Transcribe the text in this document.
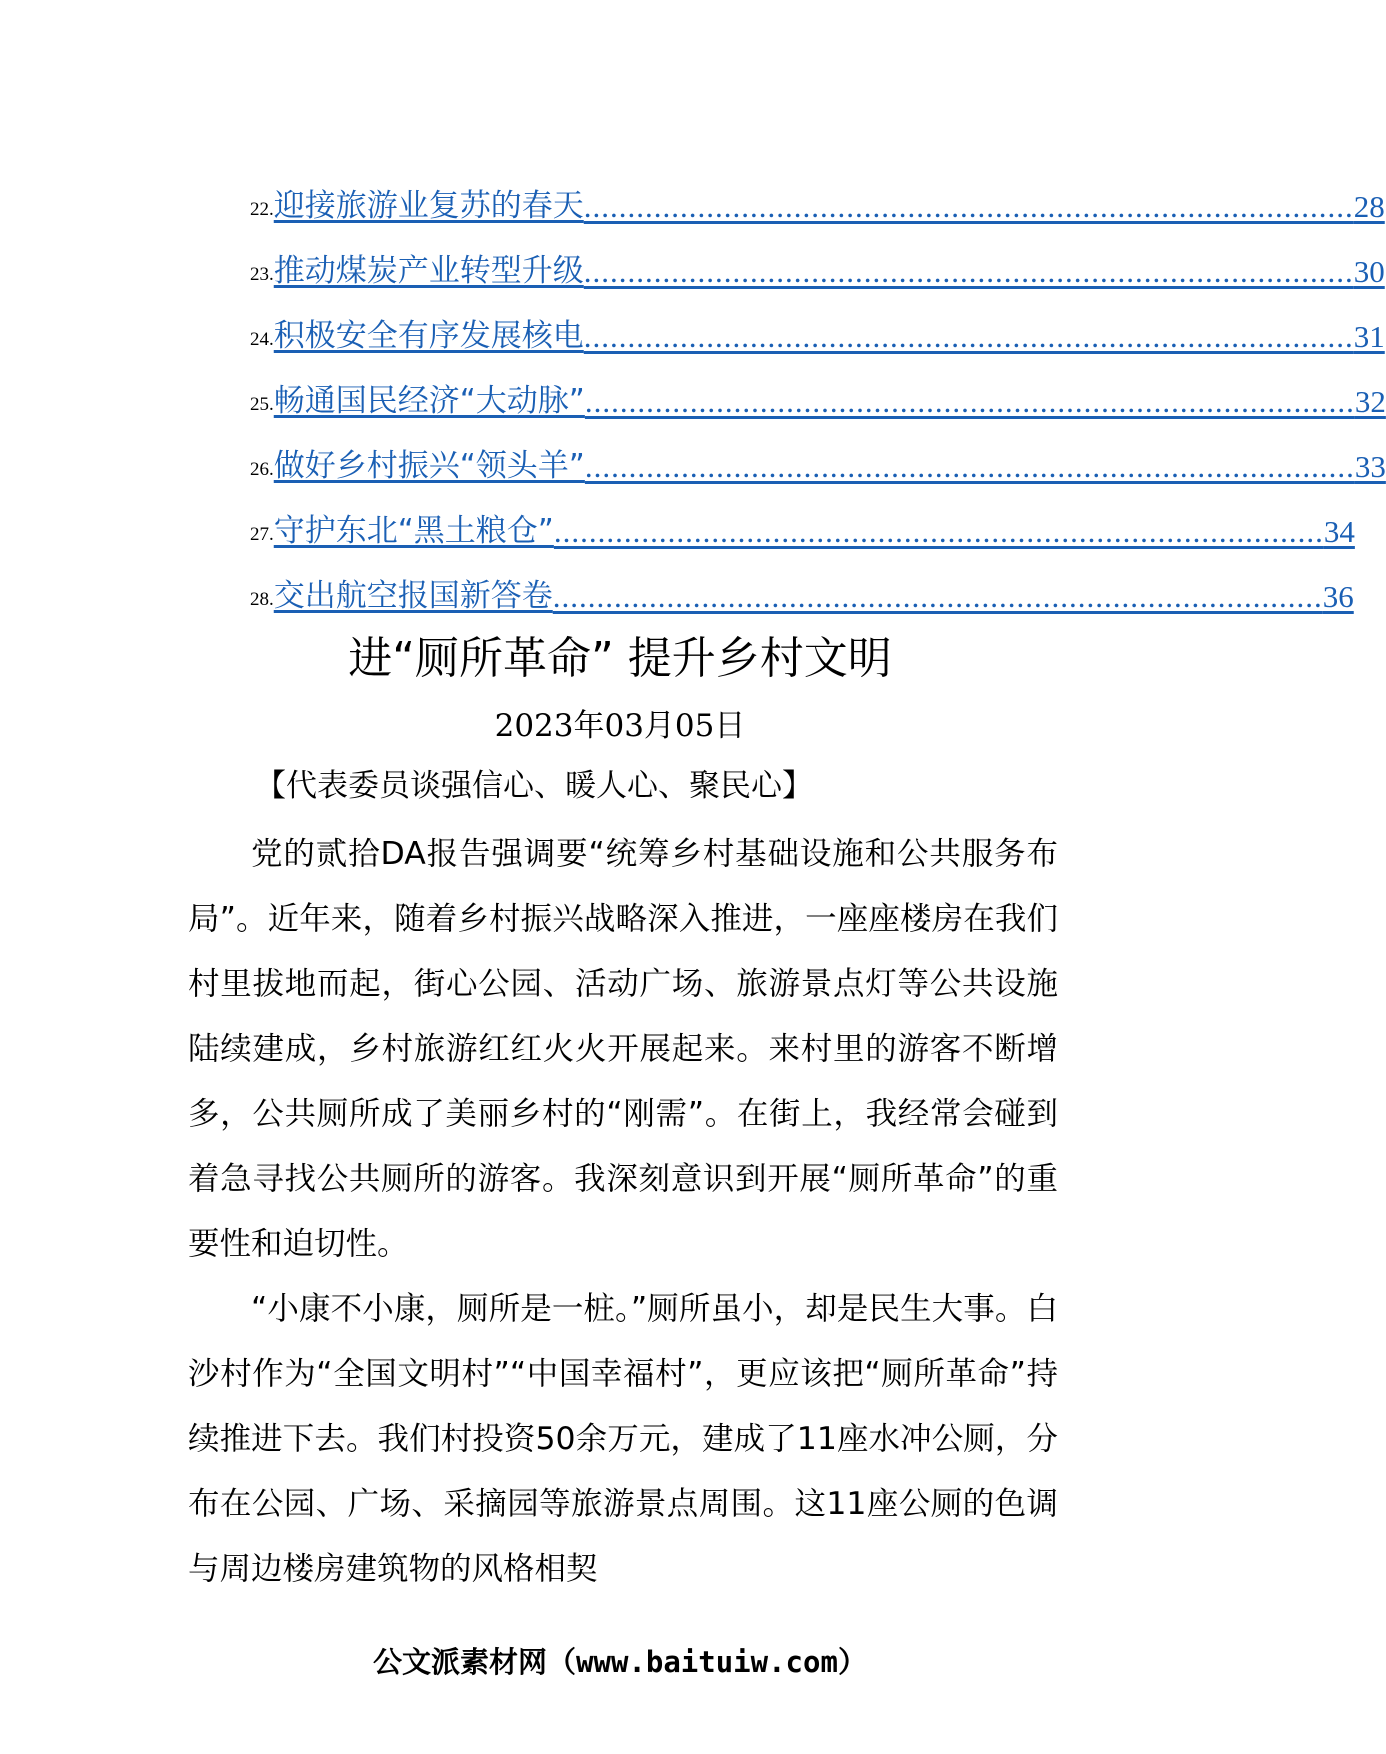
22. 迎接旅游业复苏的春天 ........................................................................................ 28
23. 推动煤炭产业转型升级 ........................................................................................ 30
24. 积极安全有序发展核电 ........................................................................................ 31
25. 畅通国民经济“大动脉” ........................................................................................ 32
26. 做好乡村振兴“领头羊” ........................................................................................ 33
27. 守护东北“黑土粮仓” ........................................................................................ 34
28. 交出航空报国新答卷 ........................................................................................ 36
进“厕所革命” 提升乡村文明
2023年03月05日
【代表委员谈强信心、暖人心、聚民心】

党的贰拾DA报告强调要“统筹乡村基础设施和公共服务布局”。近年来，随着乡村振兴战略深入推进，一座座楼房在我们村里拔地而起，街心公园、活动广场、旅游景点灯等公共设施陆续建成，乡村旅游红红火火开展起来。来村里的游客不断增多，公共厕所成了美丽乡村的“刚需”。在街上，我经常会碰到着急寻找公共厕所的游客。我深刻意识到开展“厕所革命”的重要性和迫切性。

“小康不小康，厕所是一桩。”厕所虽小，却是民生大事。白沙村作为“全国文明村”“中国幸福村”，更应该把“厕所革命”持续推进下去。我们村投资50余万元，建成了11座水冲公厕，分布在公园、广场、采摘园等旅游景点周围。这11座公厕的色调与周边楼房建筑物的风格相契

公文派素材网（www.baituiw.com）
